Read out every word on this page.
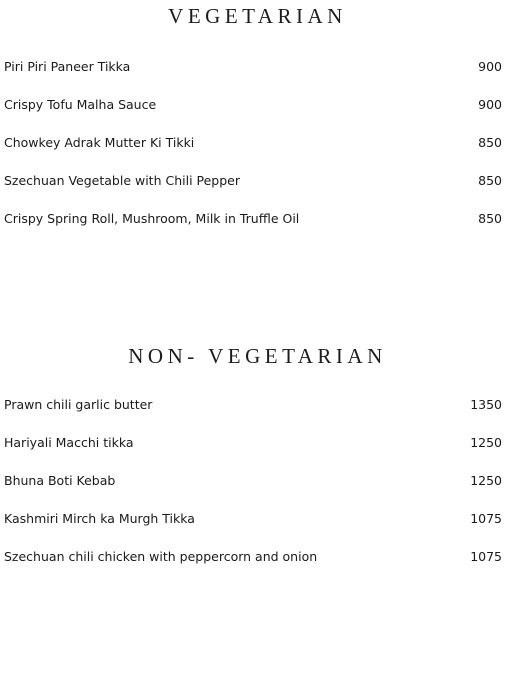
VEGETARIAN
Piri Piri Paneer Tikka	900
Crispy Tofu Malha Sauce	900
Chowkey Adrak Mutter Ki Tikki	850
Szechuan Vegetable with Chili Pepper	850
Crispy Spring Roll, Mushroom, Milk in Truffle Oil	850
NON- VEGETARIAN
Prawn chili garlic butter	1350
Hariyali Macchi tikka	1250
Bhuna Boti Kebab	1250
Kashmiri Mirch ka Murgh Tikka	1075
Szechuan chili chicken with peppercorn and onion	1075
